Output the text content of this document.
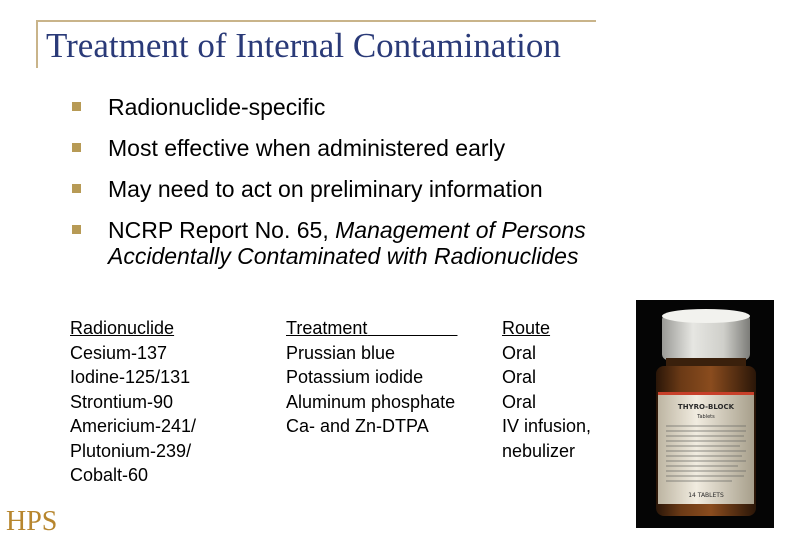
Treatment of Internal Contamination
Radionuclide-specific
Most effective when administered early
May need to act on preliminary information
NCRP Report No. 65, Management of Persons Accidentally Contaminated with Radionuclides
Radionuclide
Cesium-137
Iodine-125/131
Strontium-90
Americium-241/
Plutonium-239/
Cobalt-60
Treatment
Prussian blue
Potassium iodide
Aluminum phosphate
Ca- and Zn-DTPA
Route
Oral
Oral
Oral
IV infusion,
nebulizer
THYRO-BLOCK
Tablets
14 TABLETS
HPS
